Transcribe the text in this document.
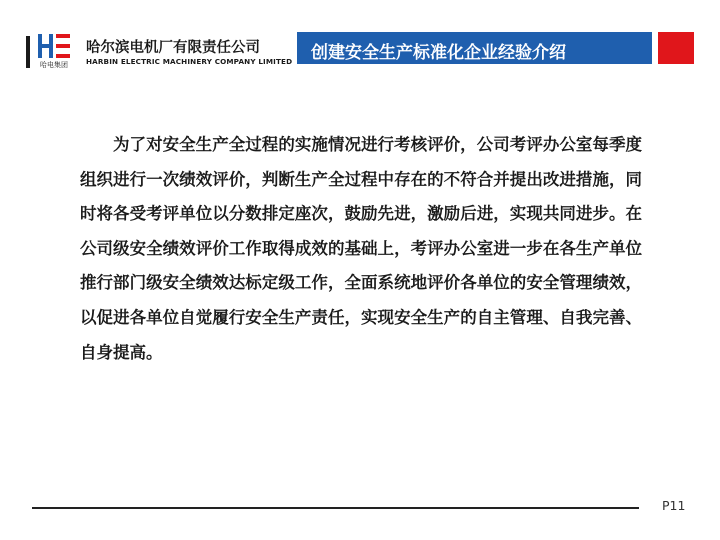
哈电集团
哈尔滨电机厂有限责任公司
HARBIN ELECTRIC MACHINERY COMPANY LIMITED 创建安全生产标准化企业经验介绍

为了对安全生产全过程的实施情况进行考核评价，公司考评办公室每季度组织进行一次绩效评价，判断生产全过程中存在的不符合并提出改进措施，同时将各受考评单位以分数排定座次，鼓励先进，激励后进，实现共同进步。在公司级安全绩效评价工作取得成效的基础上，考评办公室进一步在各生产单位推行部门级安全绩效达标定级工作，全面系统地评价各单位的安全管理绩效，以促进各单位自觉履行安全生产责任，实现安全生产的自主管理、自我完善、自身提高。

P11
